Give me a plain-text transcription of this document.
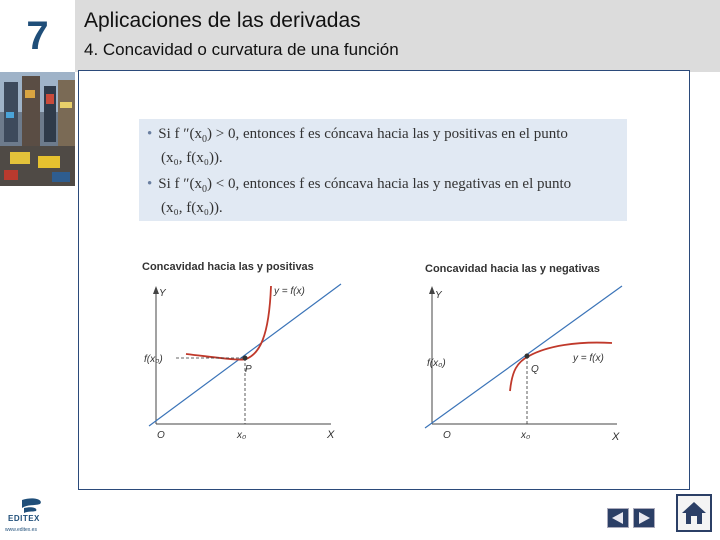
7	Aplicaciones de las derivadas
4. Concavidad o curvatura de una función
• Si f $''(x_0) > 0$, entonces f es cóncava hacia las y positivas en el punto
(x₀, f(x₀)).
• Si f $''(x_0) < 0$, entonces f es cóncava hacia las y negativas en el punto
(x₀, f(x₀)).
Concavidad hacia las y positivas
Y
X
O
y = f(x)
P
f(x₀)
x₀
Concavidad hacia las y negativas
Y
X
O
y = f(x)
Q
f(x₀)
x₀
EDITEX
www.editex.es
